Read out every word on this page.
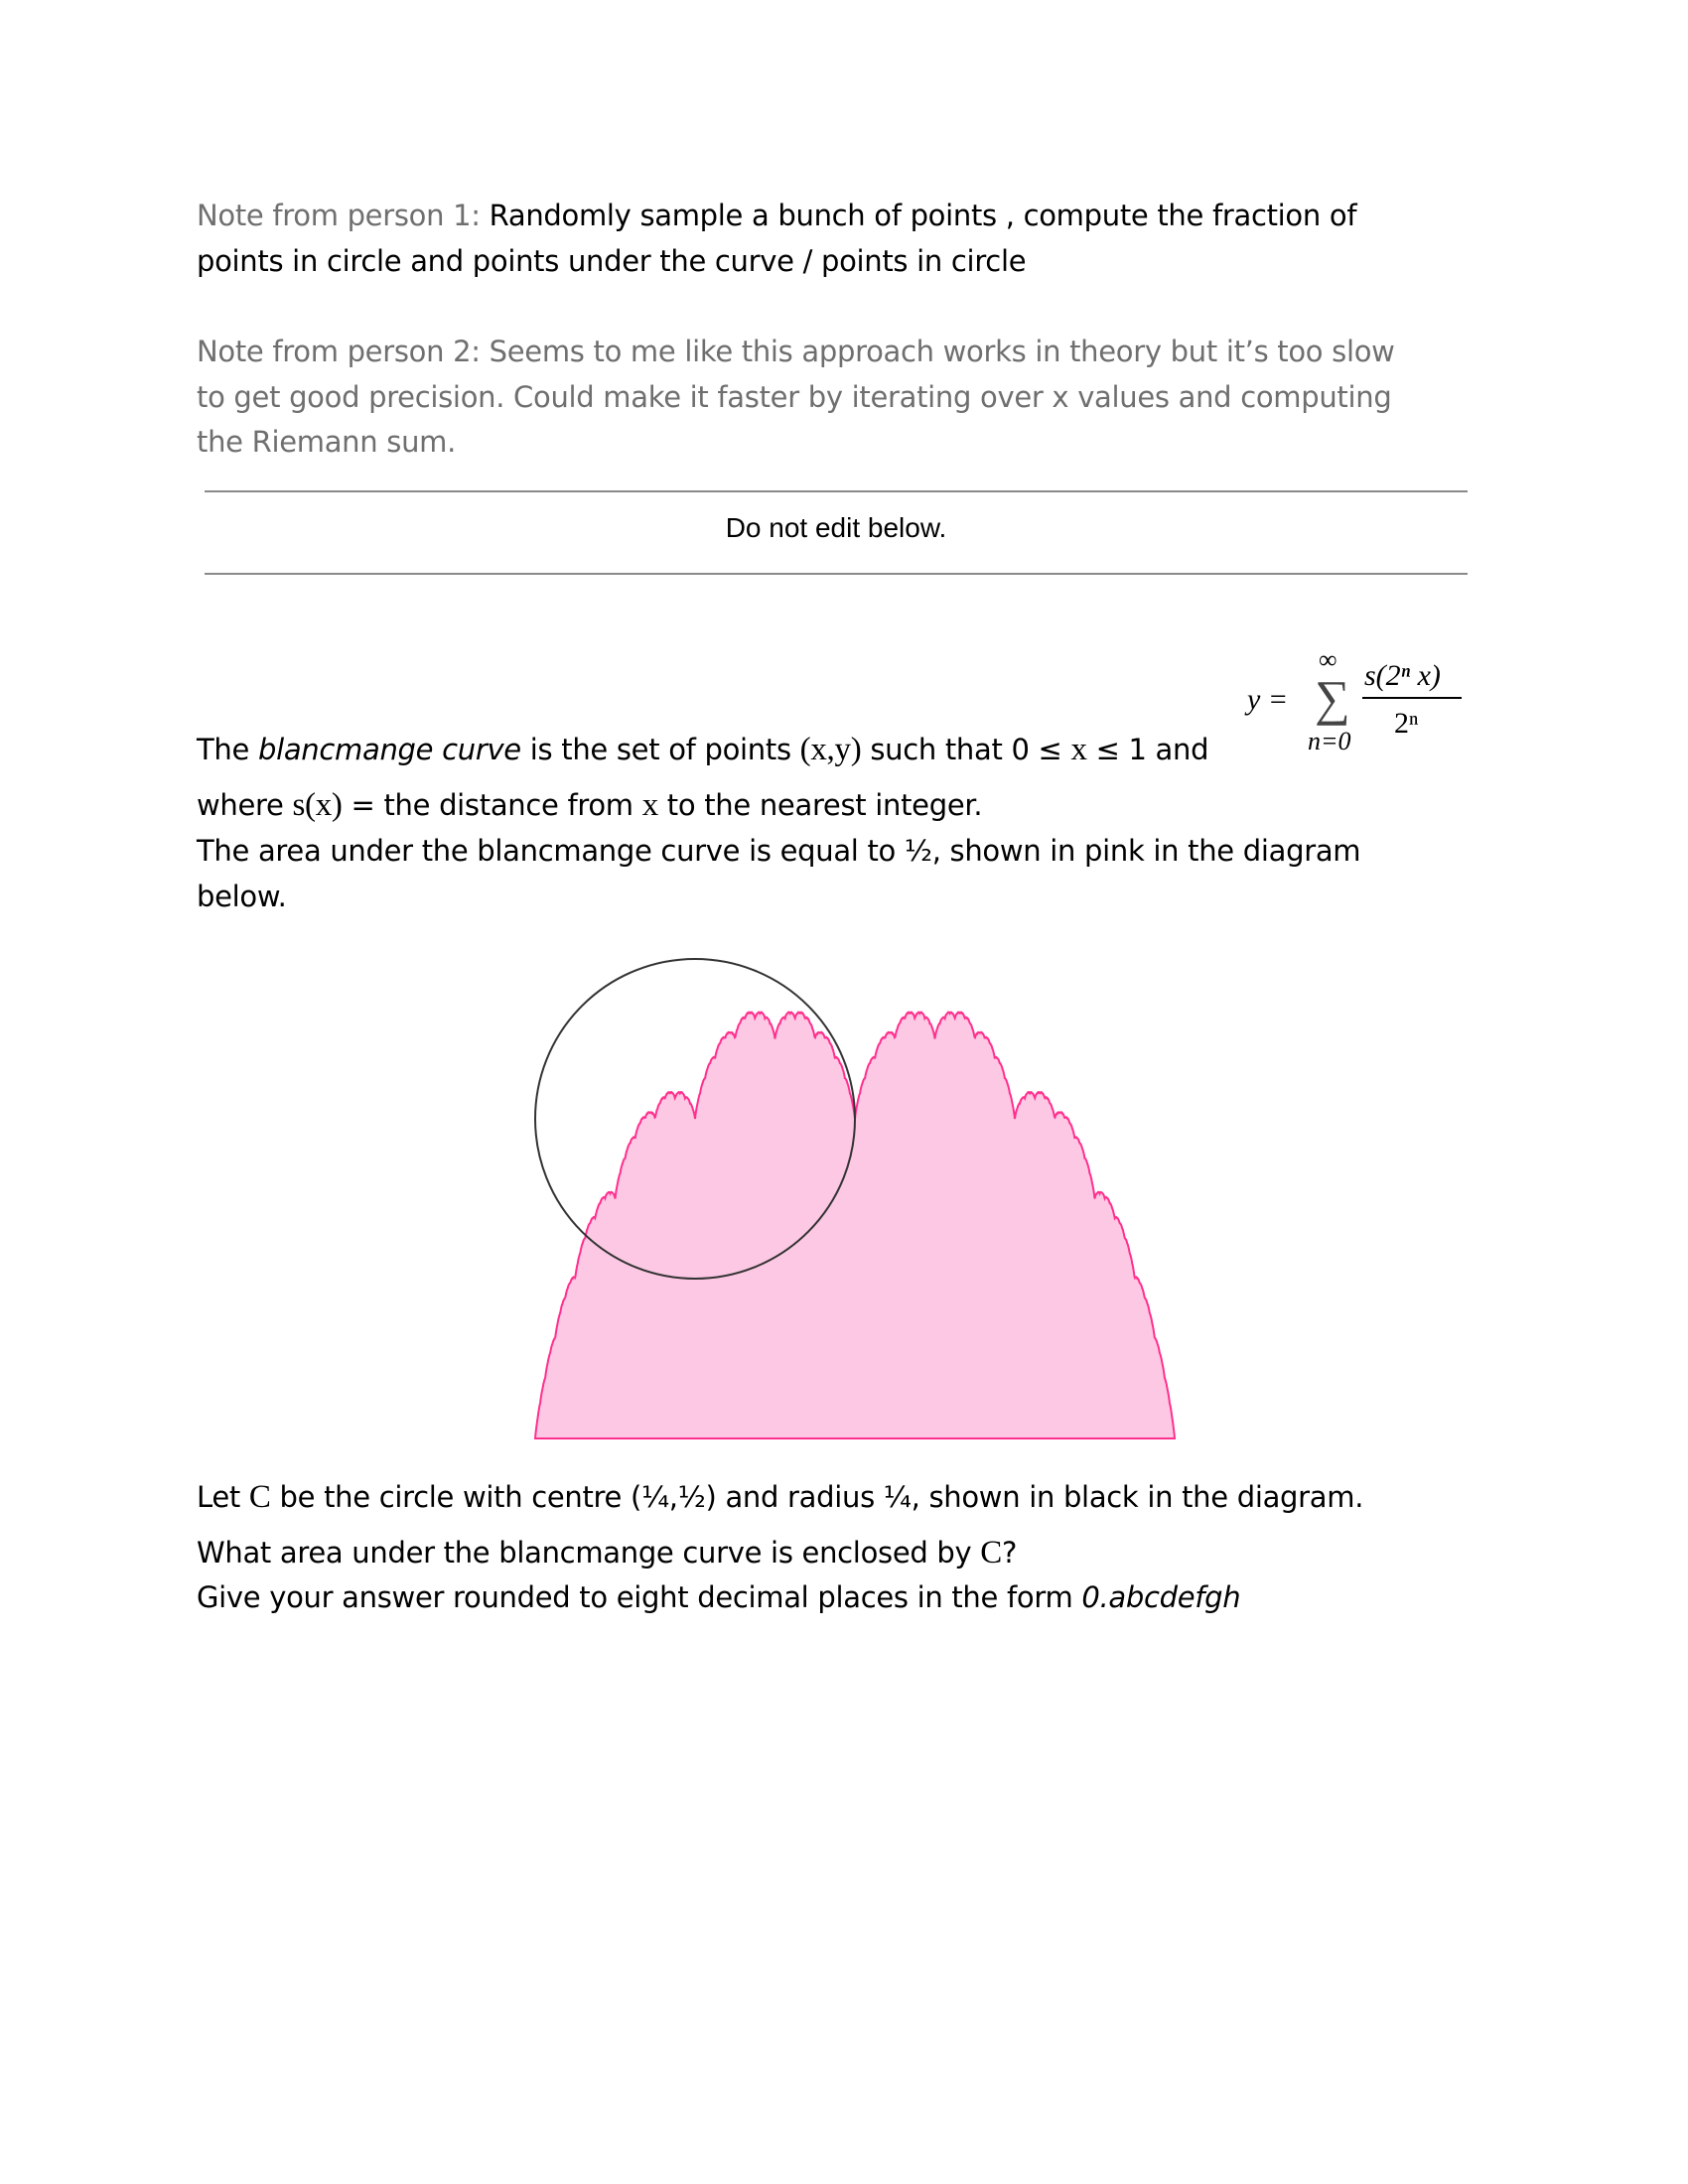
Note from person 1: Randomly sample a bunch of points , compute the fraction of
points in circle and points under the curve / points in circle
Note from person 2: Seems to me like this approach works in theory but it’s too slow
to get good precision. Could make it faster by iterating over x values and computing
the Riemann sum.
Do not edit below.
y =
∞
∑
n=0
s(2ⁿ x)
2ⁿ
The blancmange curve is the set of points (x,y) such that 0 ≤ x ≤ 1 and
where s(x) = the distance from x to the nearest integer.
The area under the blancmange curve is equal to ½, shown in pink in the diagram
below.
Let C be the circle with centre (¼,½) and radius ¼, shown in black in the diagram.
What area under the blancmange curve is enclosed by C?
Give your answer rounded to eight decimal places in the form 0.abcdefgh
